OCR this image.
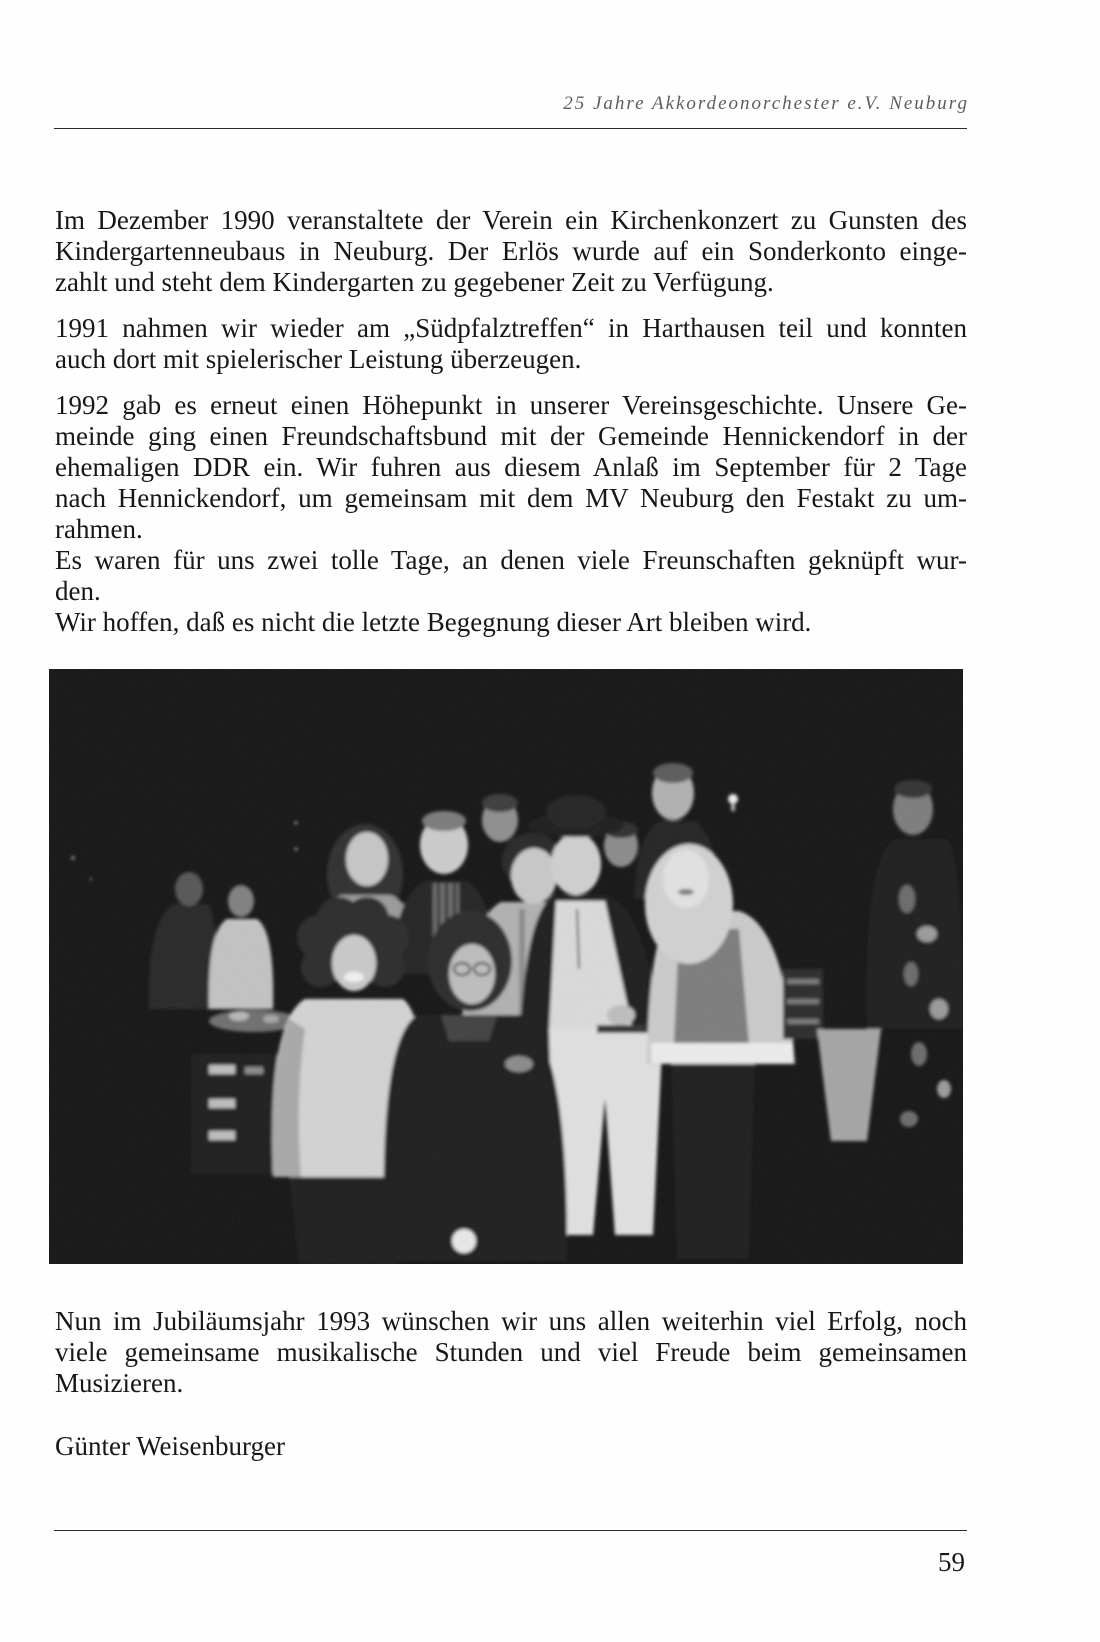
25 Jahre Akkordeonorchester e.V. Neuburg
Im Dezember 1990 veranstaltete der Verein ein Kirchenkonzert zu Gunsten des
Kindergartenneubaus in Neuburg. Der Erlös wurde auf ein Sonderkonto einge-
zahlt und steht dem Kindergarten zu gegebener Zeit zu Verfügung.
1991 nahmen wir wieder am „Südpfalztreffen“ in Harthausen teil und konnten
auch dort mit spielerischer Leistung überzeugen.
1992 gab es erneut einen Höhepunkt in unserer Vereinsgeschichte. Unsere Ge-
meinde ging einen Freundschaftsbund mit der Gemeinde Hennickendorf in der
ehemaligen DDR ein. Wir fuhren aus diesem Anlaß im September für 2 Tage
nach Hennickendorf, um gemeinsam mit dem MV Neuburg den Festakt zu um-
rahmen.
Es waren für uns zwei tolle Tage, an denen viele Freunschaften geknüpft wur-
den.
Wir hoffen, daß es nicht die letzte Begegnung dieser Art bleiben wird.
Nun im Jubiläumsjahr 1993 wünschen wir uns allen weiterhin viel Erfolg, noch
viele gemeinsame musikalische Stunden und viel Freude beim gemeinsamen
Musizieren.
Günter Weisenburger
59
